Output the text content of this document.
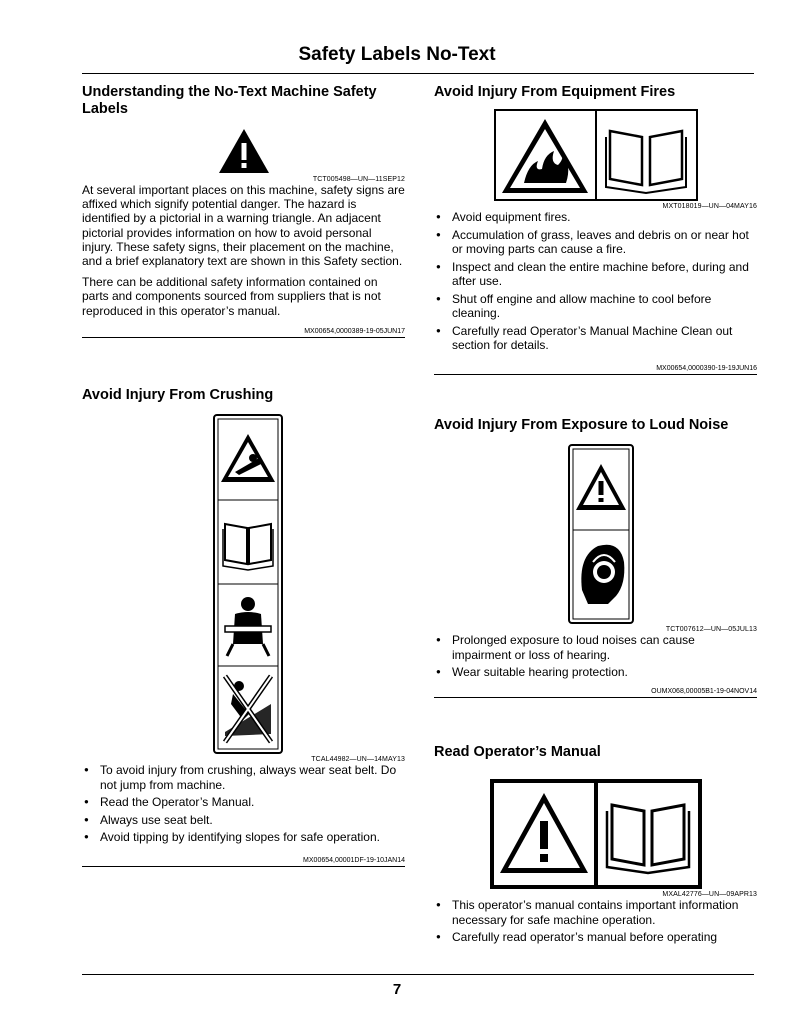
Safety Labels No-Text
Understanding the No-Text Machine Safety Labels
TCT005498—UN—11SEP12

At several important places on this machine, safety signs are affixed which signify potential danger. The hazard is identified by a pictorial in a warning triangle. An adjacent pictorial provides information on how to avoid personal injury. These safety signs, their placement on the machine, and a brief explanatory text are shown in this Safety section.

There can be additional safety information contained on parts and components sourced from suppliers that is not reproduced in this operator’s manual.

MX00654,0000389-19-05JUN17
Avoid Injury From Crushing
TCAL44982—UN—14MAY13
● To avoid injury from crushing, always wear seat belt. Do not jump from machine.
● Read the Operator’s Manual.
● Always use seat belt.
● Avoid tipping by identifying slopes for safe operation.
MX00654,00001DF-19-10JAN14
Avoid Injury From Equipment Fires
MXT018019—UN—04MAY16
● Avoid equipment fires.
● Accumulation of grass, leaves and debris on or near hot or moving parts can cause a fire.
● Inspect and clean the entire machine before, during and after use.
● Shut off engine and allow machine to cool before cleaning.
● Carefully read Operator’s Manual Machine Clean out section for details.
MX00654,0000390-19-19JUN16
Avoid Injury From Exposure to Loud Noise
TCT007612—UN—05JUL13
● Prolonged exposure to loud noises can cause impairment or loss of hearing.
● Wear suitable hearing protection.
OUMX068,00005B1-19-04NOV14
Read Operator’s Manual
MXAL42776—UN—09APR13
● This operator’s manual contains important information necessary for safe machine operation.
● Carefully read operator’s manual before operating
7
